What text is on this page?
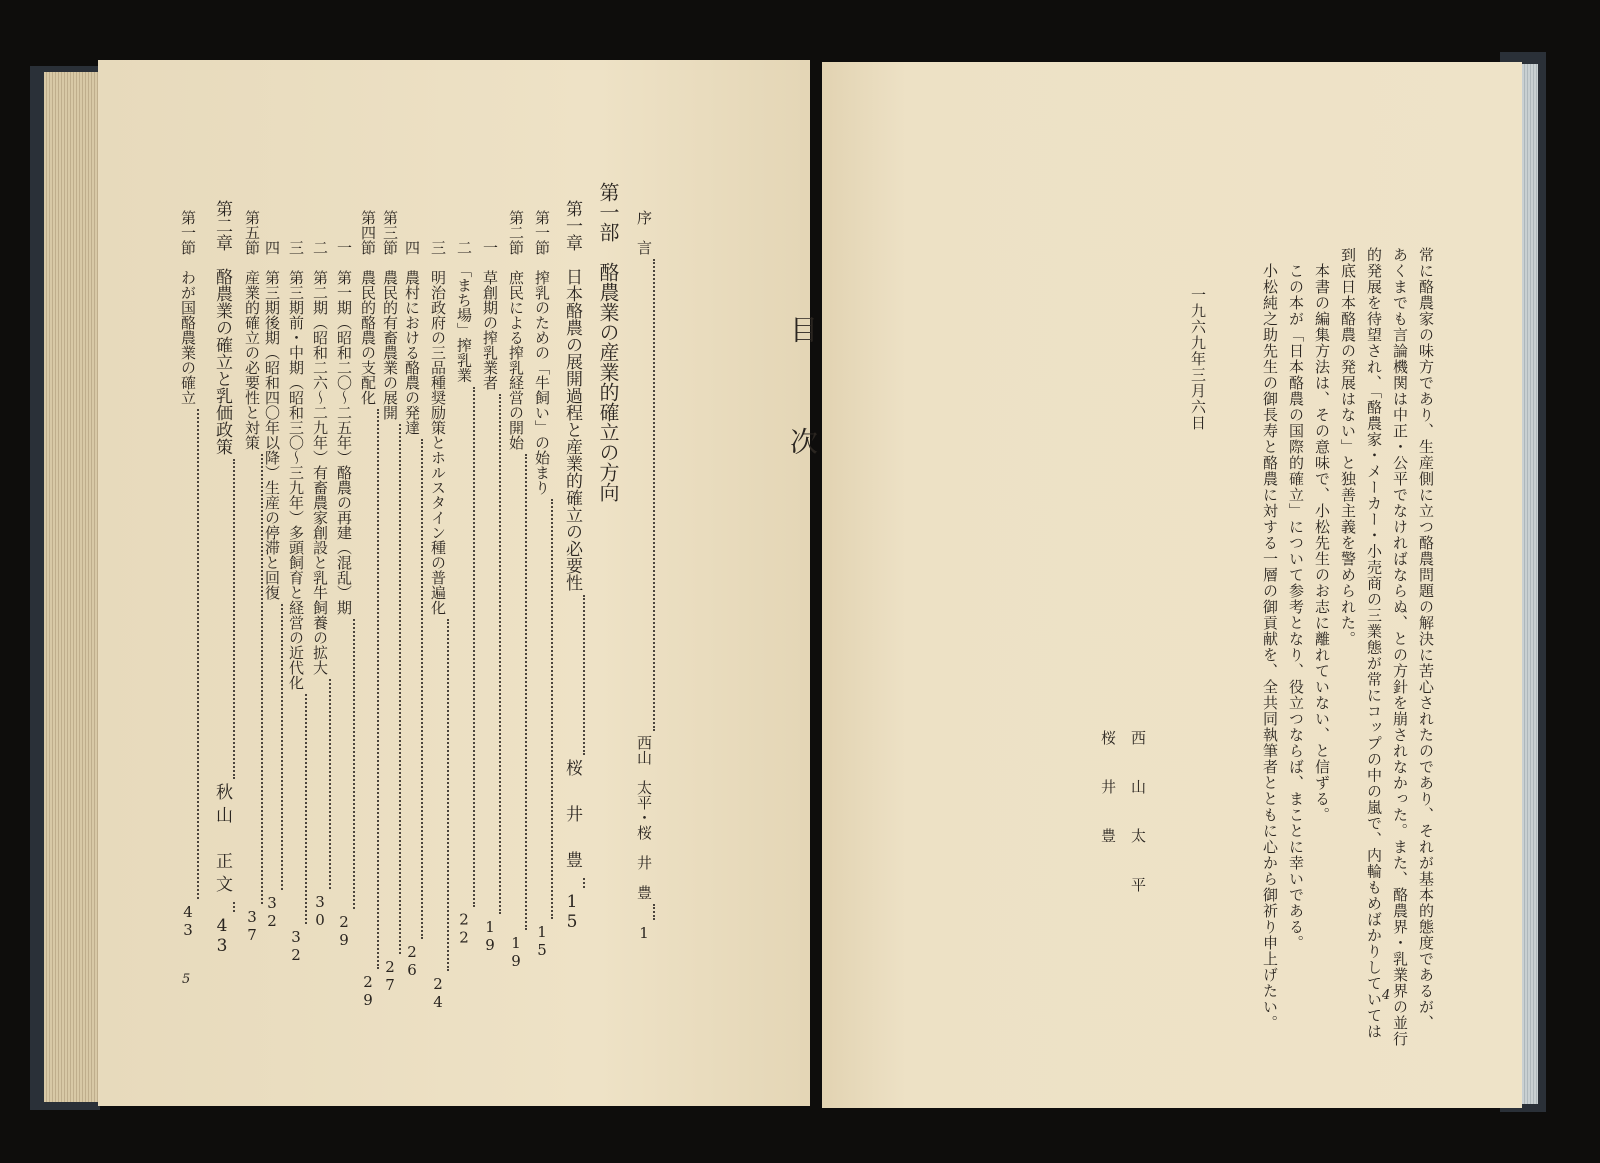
目　次
序　言西山　太平・桜　井　豊1
第一部　酪農業の産業的確立の方向
第一章　日本酪農の展開過程と産業的確立の必要性桜　井　豊15
第一節　搾乳のための「牛飼い」の始まり15
第二節　庶民による搾乳経営の開始19
一　草創期の搾乳業者19
二　「まち場」搾乳業22
三　明治政府の三品種奨励策とホルスタイン種の普遍化24
四　農村における酪農の発達26
第三節　農民的有畜農業の展開27
第四節　農民的酪農の支配化29
一　第一期（昭和二〇〜二五年）酪農の再建（混乱）期29
二　第二期（昭和二六〜二九年）有畜農家創設と乳牛飼養の拡大30
三　第三期前・中期（昭和三〇〜三九年）多頭飼育と経営の近代化32
四　第三期後期（昭和四〇年以降）生産の停滞と回復32
第五節　産業的確立の必要性と対策37
第二章　酪農業の確立と乳価政策秋山　正文43
第一節　わが国酪農業の確立43
5	常に酪農家の味方であり、生産側に立つ酪農問題の解決に苦心されたのであり、それが基本的態度であるが、
あくまでも言論機関は中正・公平でなければならぬ、との方針を崩されなかった。また、酪農界・乳業界の並行
的発展を待望され、「酪農家・メーカー・小売商の三業態が常にコップの中の嵐で、内輪もめばかりしていては
到底日本酪農の発展はない」と独善主義を警められた。
本書の編集方法は、その意味で、小松先生のお志に離れていない、と信ずる。
この本が「日本酪農の国際的確立」について参考となり、役立つならば、まことに幸いである。
小松純之助先生の御長寿と酪農に対する一層の御貢献を、全共同執筆者とともに心から御祈り申上げたい。
一九六九年三月六日
西山太平
桜井豊
4
